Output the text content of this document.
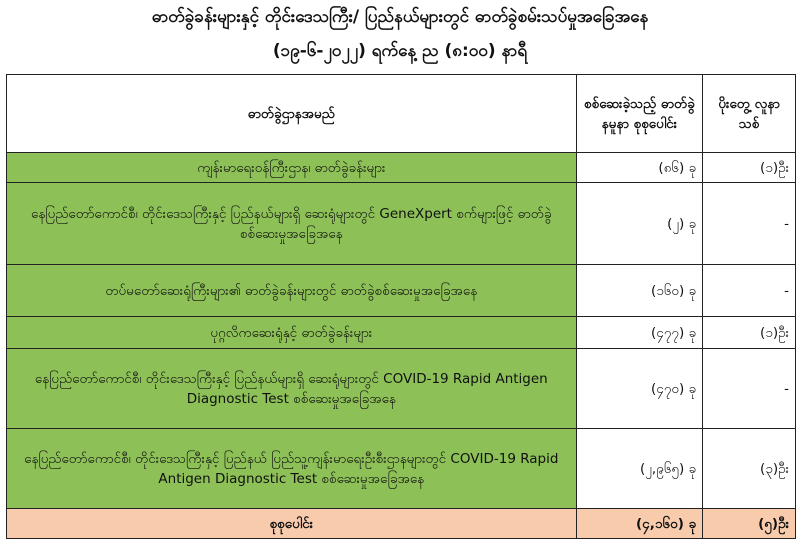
ဓာတ်ခွဲခန်းများနှင့် တိုင်းဒေသကြီး/ ပြည်နယ်များတွင် ဓာတ်ခွဲစမ်းသပ်မှုအခြေအနေ
(၁၉-၆-၂၀၂၂) ရက်နေ့ ည (၈:၀၀) နာရီ
ဓာတ်ခွဲဌာနအမည်	စစ်ဆေးခဲ့သည့် ဓာတ်ခွဲနမူနာ စုစုပေါင်း	ပိုးတွေ့ လူနာသစ်
ကျန်းမာရေးဝန်ကြီးဌာန၊ ဓာတ်ခွဲခန်းများ	(၈၆) ခု	(၁)ဦး
နေပြည်တော်ကောင်စီ၊ တိုင်းဒေသကြီးနှင့် ပြည်နယ်များရှိ ဆေးရုံများတွင် GeneXpert စက်များဖြင့် ဓာတ်ခွဲစစ်ဆေးမှုအခြေအနေ	(၂) ခု	-
တပ်မတော်ဆေးရုံကြီးများ၏ ဓာတ်ခွဲခန်းများတွင် ဓာတ်ခွဲစစ်ဆေးမှုအခြေအနေ	(၁၆၀) ခု	-
ပုဂ္ဂလိကဆေးရုံနှင့် ဓာတ်ခွဲခန်းများ	(၄၇၇) ခု	(၁)ဦး
နေပြည်တော်ကောင်စီ၊ တိုင်းဒေသကြီးနှင့် ပြည်နယ်များရှိ ဆေးရုံများတွင် COVID-19 Rapid Antigen Diagnostic Test စစ်ဆေးမှုအခြေအနေ	(၄၇၀) ခု	-
နေပြည်တော်ကောင်စီ၊ တိုင်းဒေသကြီးနှင့် ပြည်နယ် ပြည်သူ့ကျန်းမာရေးဦးစီးဌာနများတွင် COVID-19 Rapid Antigen Diagnostic Test စစ်ဆေးမှုအခြေအနေ	(၂,၉၆၅) ခု	(၃)ဦး
စုစုပေါင်း	(၄,၁၆၀) ခု	(၅)ဦး
